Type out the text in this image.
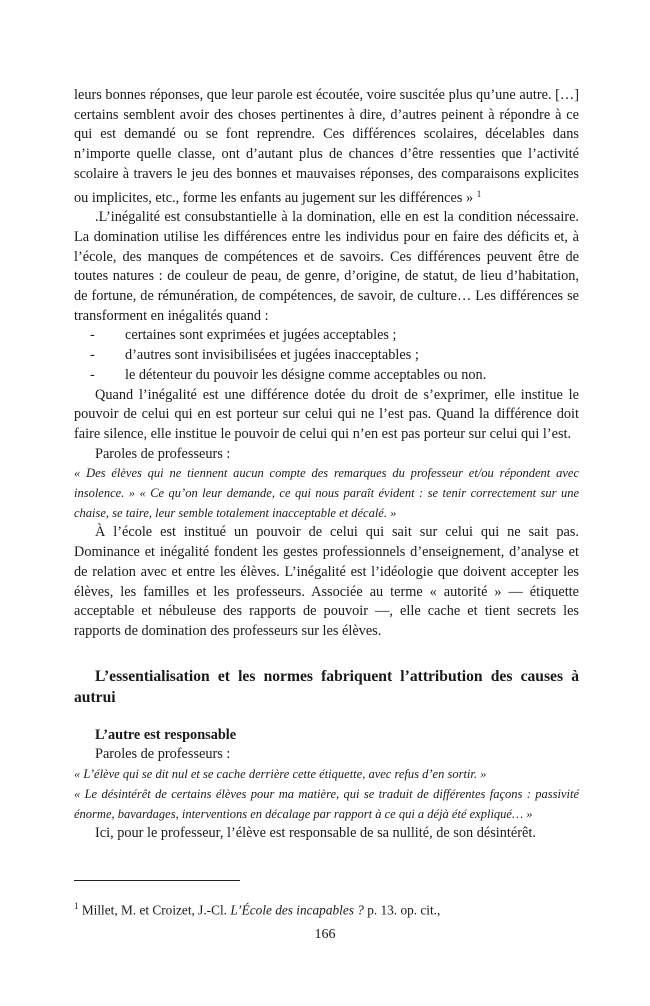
leurs bonnes réponses, que leur parole est écoutée, voire suscitée plus qu’une autre. […] certains semblent avoir des choses pertinentes à dire, d’autres peinent à répondre à ce qui est demandé ou se font reprendre. Ces différences scolaires, décelables dans n’importe quelle classe, ont d’autant plus de chances d’être ressenties que l’activité scolaire à travers le jeu des bonnes et mauvaises réponses, des comparaisons explicites ou implicites, etc., forme les enfants au jugement sur les différences » $^1$

.L’inégalité est consubstantielle à la domination, elle en est la condition nécessaire. La domination utilise les différences entre les individus pour en faire des déficits et, à l’école, des manques de compétences et de savoirs. Ces différences peuvent être de toutes natures : de couleur de peau, de genre, d’origine, de statut, de lieu d’habitation, de fortune, de rémunération, de compétences, de savoir, de culture… Les différences se transforment en inégalités quand :

- certaines sont exprimées et jugées acceptables ;
- d’autres sont invisibilisées et jugées inacceptables ;
- le détenteur du pouvoir les désigne comme acceptables ou non.

Quand l’inégalité est une différence dotée du droit de s’exprimer, elle institue le pouvoir de celui qui en est porteur sur celui qui ne l’est pas. Quand la différence doit faire silence, elle institue le pouvoir de celui qui n’en est pas porteur sur celui qui l’est.

Paroles de professeurs :

« Des élèves qui ne tiennent aucun compte des remarques du professeur et/ou répondent avec insolence. » « Ce qu’on leur demande, ce qui nous paraît évident : se tenir correctement sur une chaise, se taire, leur semble totalement inacceptable et décalé. »

À l’école est institué un pouvoir de celui qui sait sur celui qui ne sait pas. Dominance et inégalité fondent les gestes professionnels d’enseignement, d’analyse et de relation avec et entre les élèves. L’inégalité est l’idéologie que doivent accepter les élèves, les familles et les professeurs. Associée au terme « autorité » — étiquette acceptable et nébuleuse des rapports de pouvoir —, elle cache et tient secrets les rapports de domination des professeurs sur les élèves.

L’essentialisation et les normes fabriquent l’attribution des causes à autrui

L’autre est responsable

Paroles de professeurs :

« L’élève qui se dit nul et se cache derrière cette étiquette, avec refus d’en sortir. »

« Le désintérêt de certains élèves pour ma matière, qui se traduit de différentes façons : passivité énorme, bavardages, interventions en décalage par rapport à ce qui a déjà été expliqué… »

Ici, pour le professeur, l’élève est responsable de sa nullité, de son désintérêt.

$^1$ Millet, M. et Croizet, J.-Cl. L’École des incapables ? p. 13. op. cit.,
166
